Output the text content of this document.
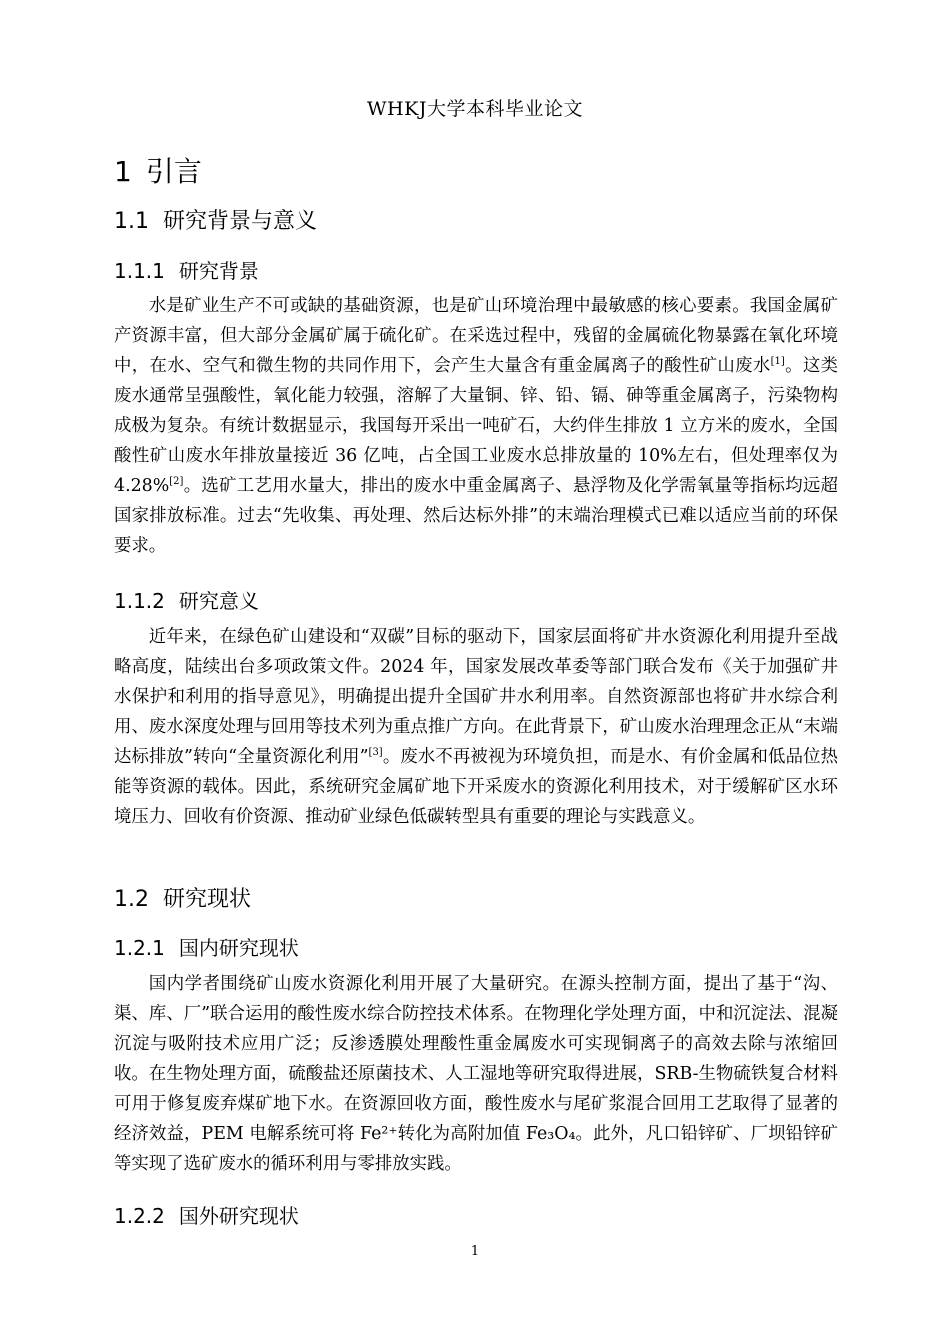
WHKJ大学本科毕业论文
1 引言
1.1 研究背景与意义
1.1.1 研究背景

水是矿业生产不可或缺的基础资源，也是矿山环境治理中最敏感的核心要素。我国金属矿产资源丰富，但大部分金属矿属于硫化矿。在采选过程中，残留的金属硫化物暴露在氧化环境中，在水、空气和微生物的共同作用下，会产生大量含有重金属离子的酸性矿山废水[1]。这类废水通常呈强酸性，氧化能力较强，溶解了大量铜、锌、铅、镉、砷等重金属离子，污染物构成极为复杂。有统计数据显示，我国每开采出一吨矿石，大约伴生排放 1 立方米的废水，全国酸性矿山废水年排放量接近 36 亿吨，占全国工业废水总排放量的 10%左右，但处理率仅为 4.28%[2]。选矿工艺用水量大，排出的废水中重金属离子、悬浮物及化学需氧量等指标均远超国家排放标准。过去“先收集、再处理、然后达标外排”的末端治理模式已难以适应当前的环保要求。

1.1.2 研究意义

近年来，在绿色矿山建设和“双碳”目标的驱动下，国家层面将矿井水资源化利用提升至战略高度，陆续出台多项政策文件。2024 年，国家发展改革委等部门联合发布《关于加强矿井水保护和利用的指导意见》，明确提出提升全国矿井水利用率。自然资源部也将矿井水综合利用、废水深度处理与回用等技术列为重点推广方向。在此背景下，矿山废水治理理念正从“末端达标排放”转向“全量资源化利用”[3]。废水不再被视为环境负担，而是水、有价金属和低品位热能等资源的载体。因此，系统研究金属矿地下开采废水的资源化利用技术，对于缓解矿区水环境压力、回收有价资源、推动矿业绿色低碳转型具有重要的理论与实践意义。

1.2 研究现状
1.2.1 国内研究现状

国内学者围绕矿山废水资源化利用开展了大量研究。在源头控制方面，提出了基于“沟、渠、库、厂”联合运用的酸性废水综合防控技术体系。在物理化学处理方面，中和沉淀法、混凝沉淀与吸附技术应用广泛；反渗透膜处理酸性重金属废水可实现铜离子的高效去除与浓缩回收。在生物处理方面，硫酸盐还原菌技术、人工湿地等研究取得进展，SRB-生物硫铁复合材料可用于修复废弃煤矿地下水。在资源回收方面，酸性废水与尾矿浆混合回用工艺取得了显著的经济效益，PEM 电解系统可将 Fe²⁺转化为高附加值 Fe₃O₄。此外，凡口铅锌矿、厂坝铅锌矿等实现了选矿废水的循环利用与零排放实践。

1.2.2 国外研究现状
1
